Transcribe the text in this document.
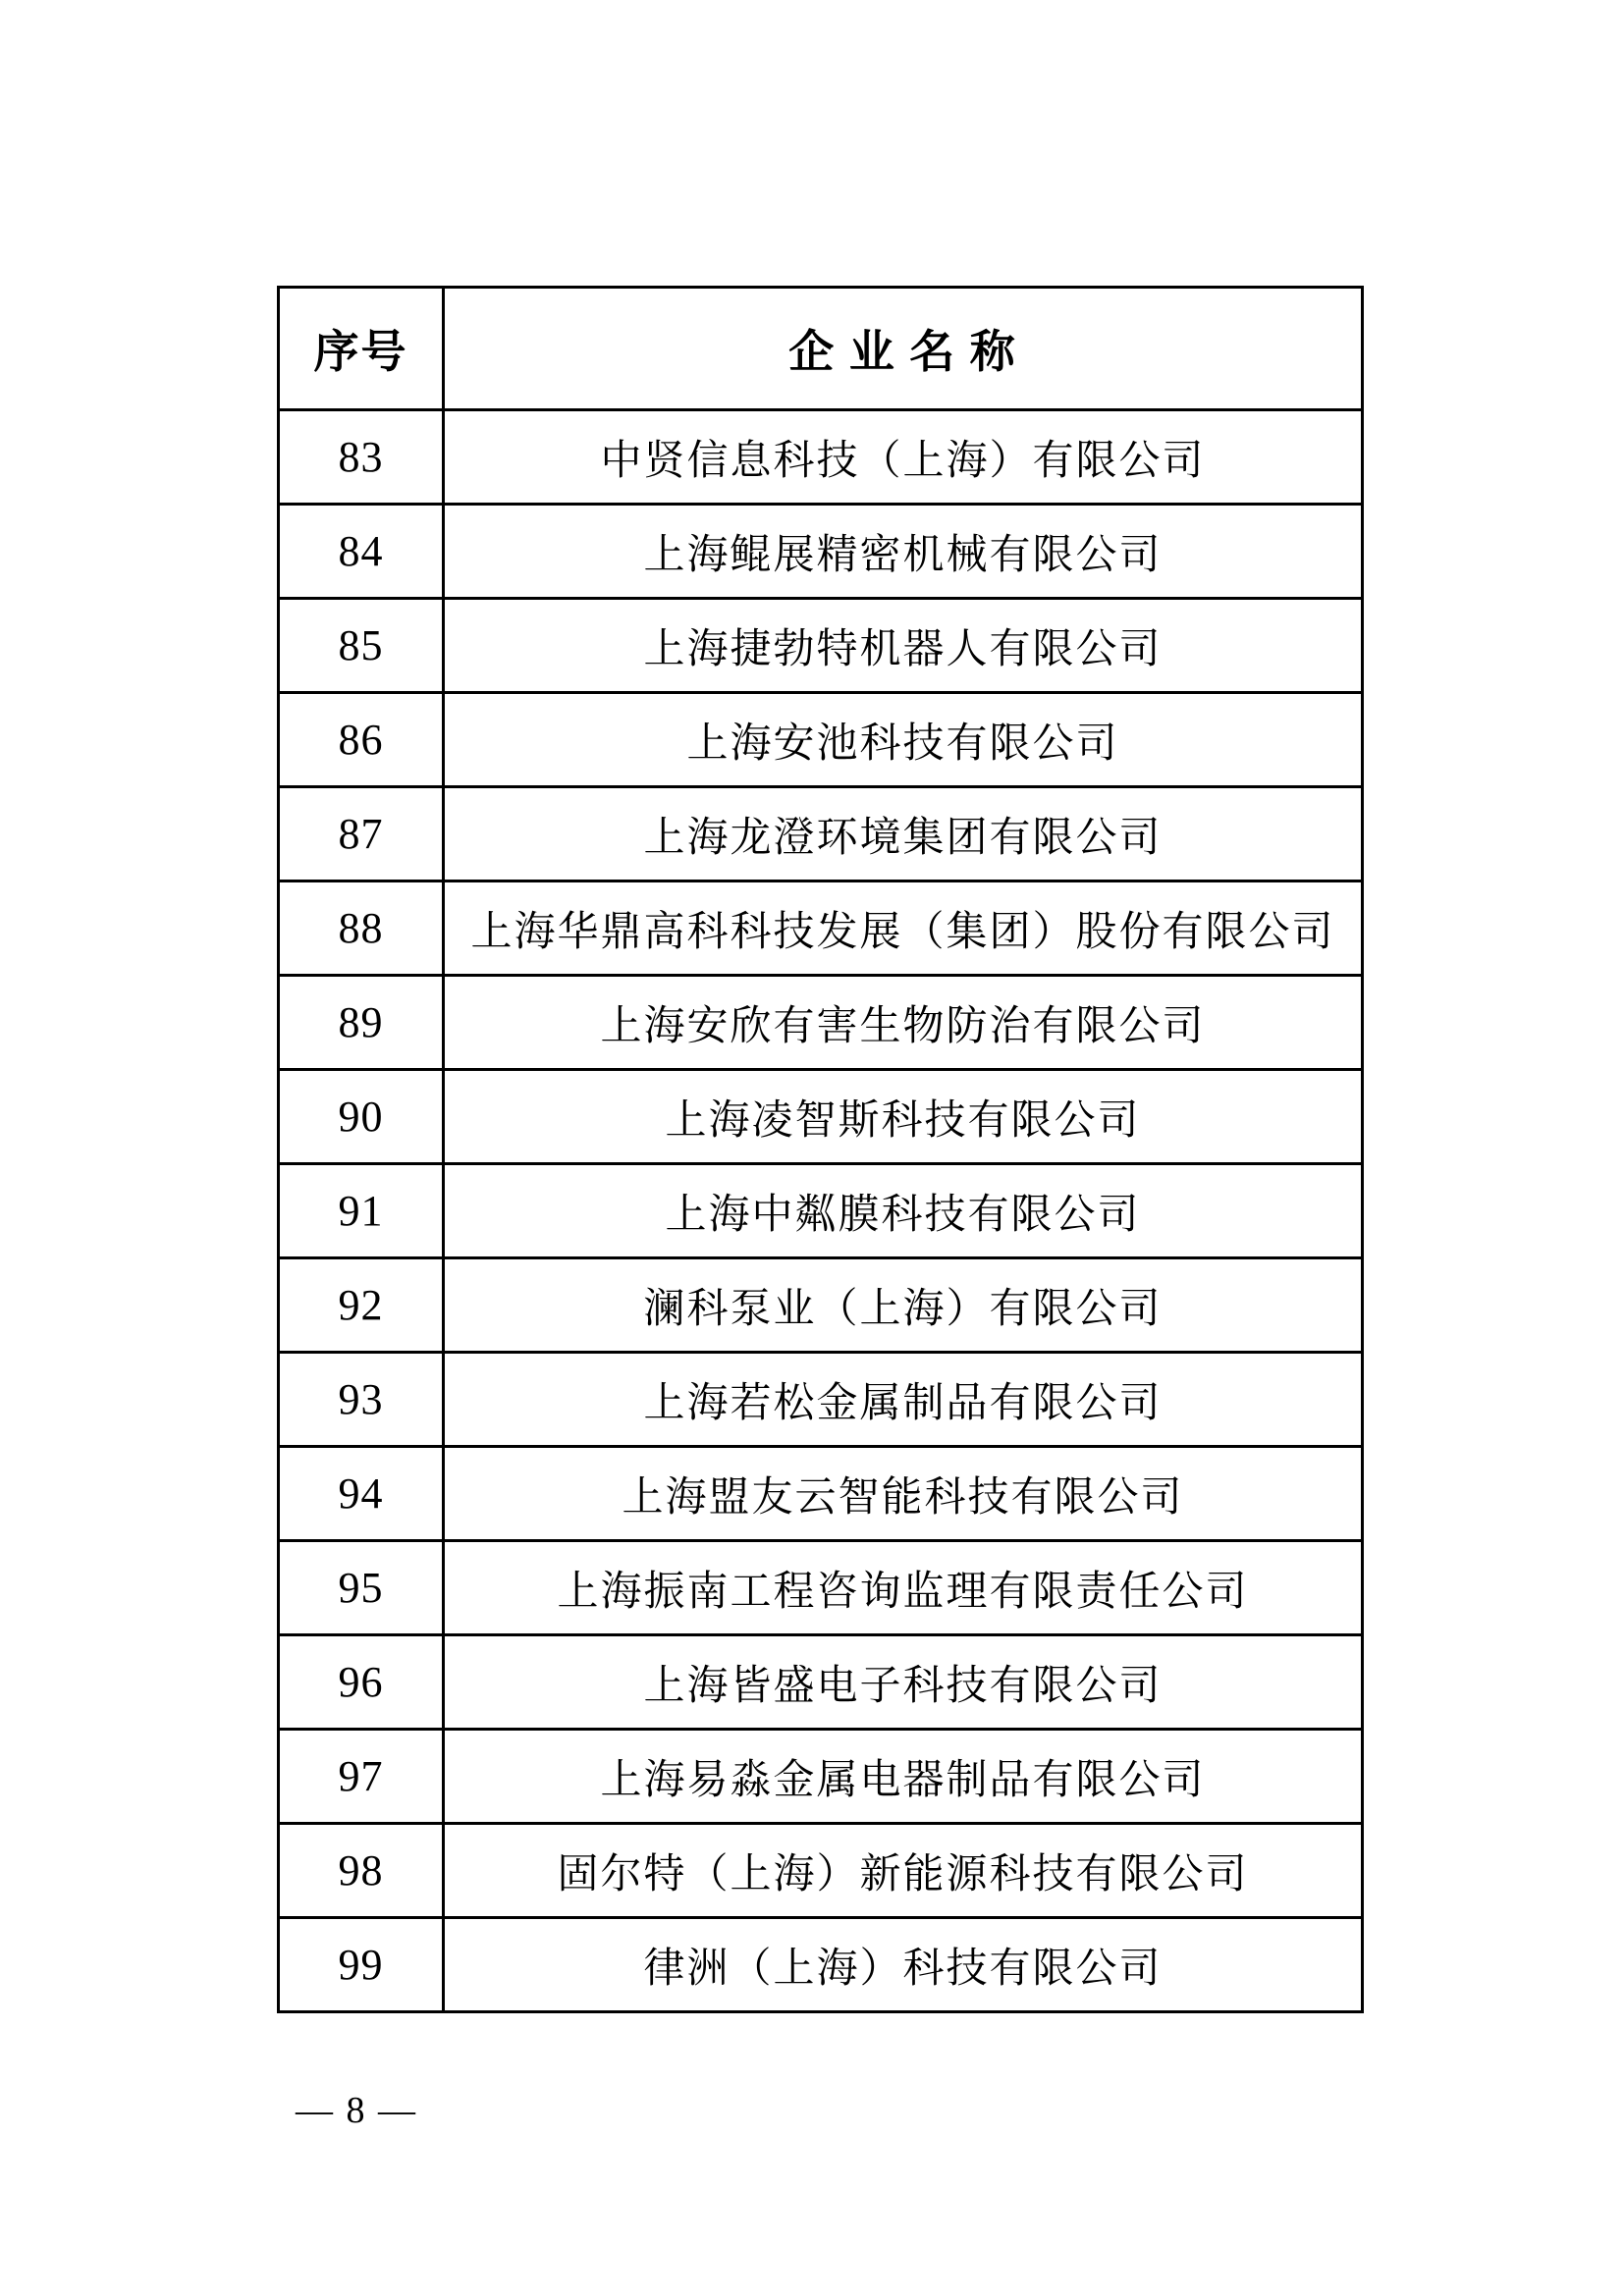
序号	企 业 名 称
83	中贤信息科技（上海）有限公司
84	上海鲲展精密机械有限公司
85	上海捷勃特机器人有限公司
86	上海安池科技有限公司
87	上海龙澄环境集团有限公司
88	上海华鼎高科科技发展（集团）股份有限公司
89	上海安欣有害生物防治有限公司
90	上海凌智斯科技有限公司
91	上海中粼膜科技有限公司
92	澜科泵业（上海）有限公司
93	上海若松金属制品有限公司
94	上海盟友云智能科技有限公司
95	上海振南工程咨询监理有限责任公司
96	上海皆盛电子科技有限公司
97	上海易淼金属电器制品有限公司
98	固尔特（上海）新能源科技有限公司
99	律洲（上海）科技有限公司
— 8 —
